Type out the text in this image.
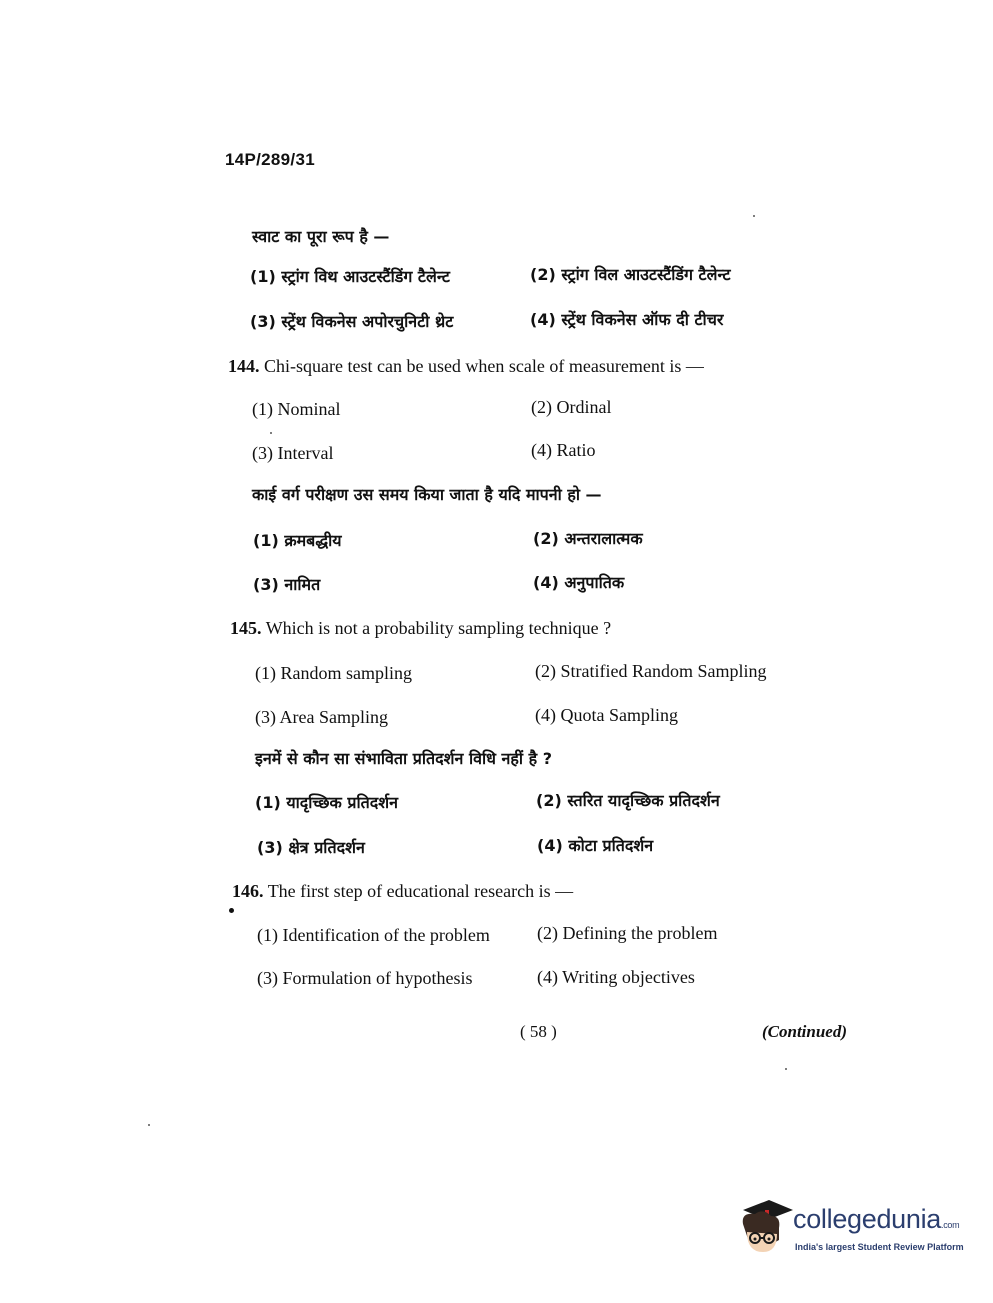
14P/289/31
स्वाट का पूरा रूप है —
(1) स्ट्रांग विथ आउटस्टैंडिंग टैलेन्ट	(2) स्ट्रांग विल आउटस्टैंडिंग टैलेन्ट
(3) स्ट्रेंथ विकनेस अपोरचुनिटी थ्रेट	(4) स्ट्रेंथ विकनेस ऑफ दी टीचर
144. Chi-square test can be used when scale of measurement is —
(1) Nominal	(2) Ordinal
(3) Interval	(4) Ratio
काई वर्ग परीक्षण उस समय किया जाता है यदि मापनी हो —
(1) क्रमबद्धीय	(2) अन्तरालात्मक
(3) नामित	(4) अनुपातिक
145. Which is not a probability sampling technique ?
(1) Random sampling	(2) Stratified Random Sampling
(3) Area Sampling	(4) Quota Sampling
इनमें से कौन सा संभाविता प्रतिदर्शन विधि नहीं है ?
(1) यादृच्छिक प्रतिदर्शन	(2) स्तरित यादृच्छिक प्रतिदर्शन
(3) क्षेत्र प्रतिदर्शन	(4) कोटा प्रतिदर्शन
146. The first step of educational research is —
(1) Identification of the problem	(2) Defining the problem
(3) Formulation of hypothesis	(4) Writing objectives
( 58 )	(Continued)
collegedunia.com
India's largest Student Review Platform
